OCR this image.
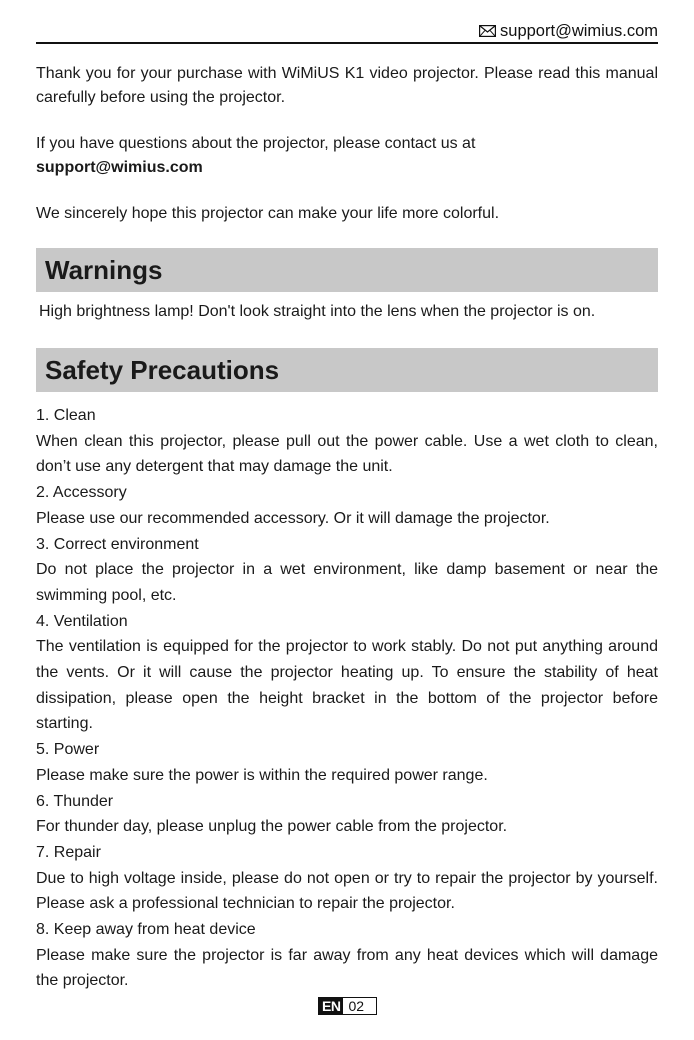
support@wimius.com

Thank you for your purchase with WiMiUS K1 video projector. Please read this manual carefully before using the projector.

If you have questions about the projector, please contact us at

support@wimius.com

We sincerely hope this projector can make your life more colorful.

Warnings

High brightness lamp! Don't look straight into the lens when the projector is on.

Safety Precautions
1. Clean
When clean this projector, please pull out the power cable. Use a wet cloth to clean, don’t use any detergent that may damage the unit.
2. Accessory
Please use our recommended accessory. Or it will damage the projector.
3. Correct environment
Do not place the projector in a wet environment, like damp basement or near the swimming pool, etc.
4. Ventilation
The ventilation is equipped for the projector to work stably. Do not put anything around the vents. Or it will cause the projector heating up. To ensure the stability of heat dissipation, please open the height bracket in the bottom of the projector before starting.
5. Power
Please make sure the power is within the required power range.
6. Thunder
For thunder day, please unplug the power cable from the projector.
7. Repair
Due to high voltage inside, please do not open or try to repair the projector by yourself. Please ask a professional technician to repair the projector.
8. Keep away from heat device
Please make sure the projector is far away from any heat devices which will damage the projector.
EN 02
